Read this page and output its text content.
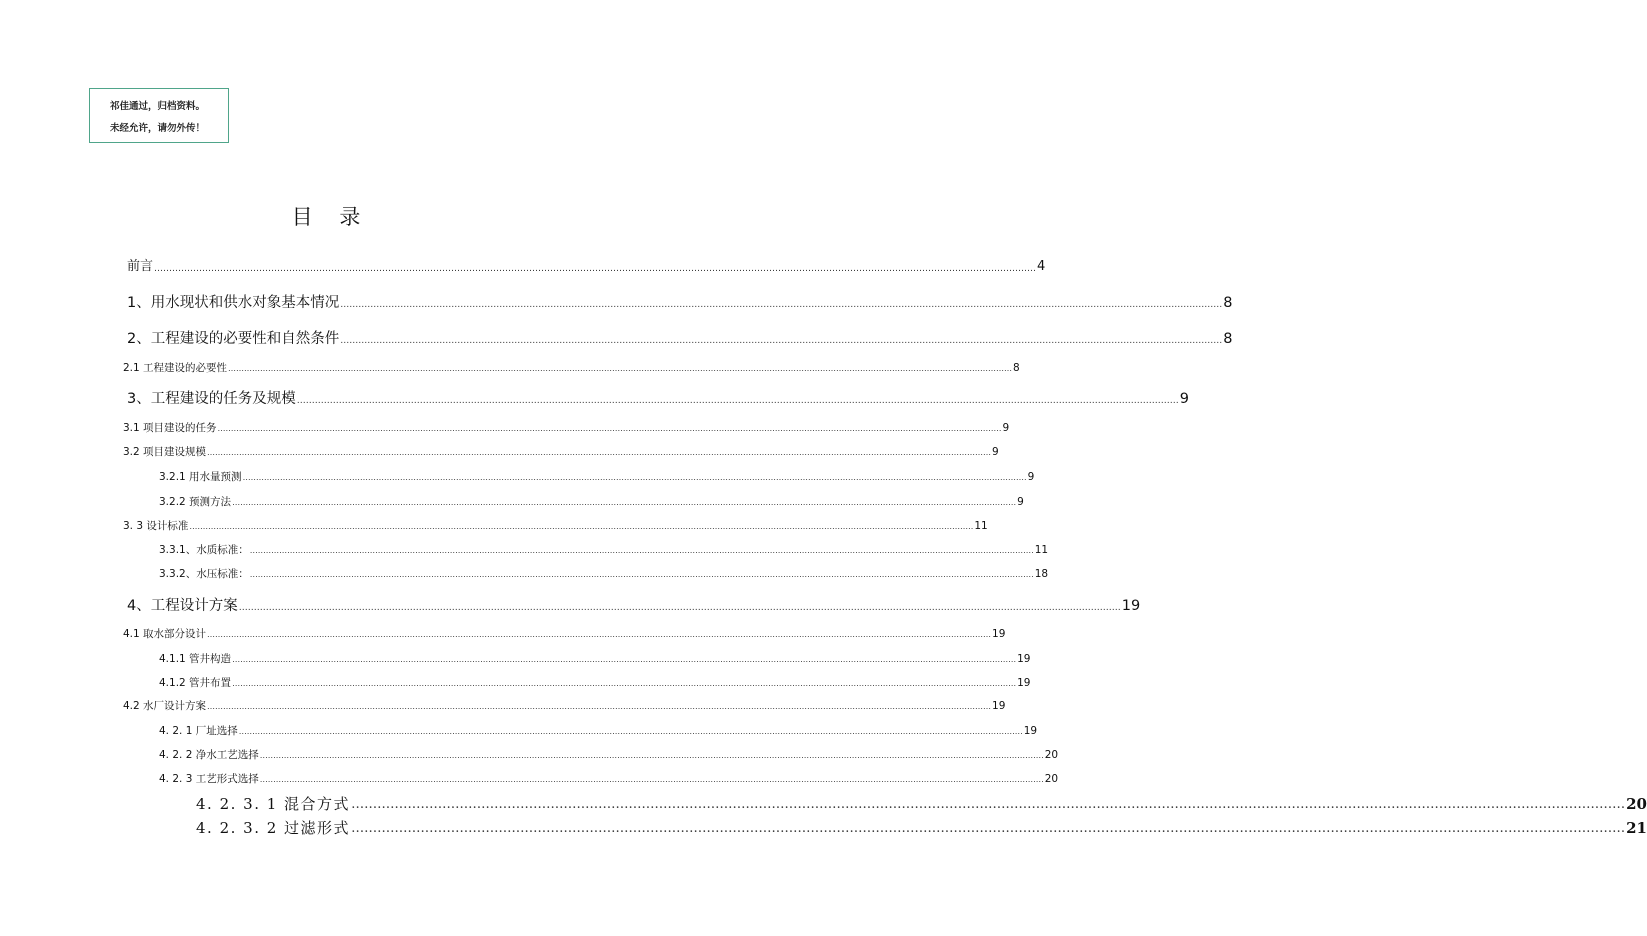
祁佳通过，归档资料。
未经允许，请勿外传！
目 录
前言 …………………………………………………………………………………………………………………………………………………………………………………………………………………………………………………………………… 4
1、用水现状和供水对象基本情况 …………………………………………………………………………………………………………………………………………………………………………………………………………………………………………………………………… 8
2、工程建设的必要性和自然条件 …………………………………………………………………………………………………………………………………………………………………………………………………………………………………………………………………… 8
2.1 工程建设的必要性 …………………………………………………………………………………………………………………………………………………………………………………………………………………………………………………………………… 8
3、工程建设的任务及规模 …………………………………………………………………………………………………………………………………………………………………………………………………………………………………………………………………… 9
3.1 项目建设的任务 …………………………………………………………………………………………………………………………………………………………………………………………………………………………………………………………………… 9
3.2 项目建设规模 …………………………………………………………………………………………………………………………………………………………………………………………………………………………………………………………………… 9
3.2.1 用水量预测 …………………………………………………………………………………………………………………………………………………………………………………………………………………………………………………………………… 9
3.2.2 预测方法 …………………………………………………………………………………………………………………………………………………………………………………………………………………………………………………………………… 9
3. 3 设计标准 …………………………………………………………………………………………………………………………………………………………………………………………………………………………………………………………………… 11
3.3.1、水质标准： …………………………………………………………………………………………………………………………………………………………………………………………………………………………………………………………………… 11
3.3.2、水压标准： …………………………………………………………………………………………………………………………………………………………………………………………………………………………………………………………………… 18
4、工程设计方案 …………………………………………………………………………………………………………………………………………………………………………………………………………………………………………………………………… 19
4.1 取水部分设计 …………………………………………………………………………………………………………………………………………………………………………………………………………………………………………………………………… 19
4.1.1 管井构造 …………………………………………………………………………………………………………………………………………………………………………………………………………………………………………………………………… 19
4.1.2 管井布置 …………………………………………………………………………………………………………………………………………………………………………………………………………………………………………………………………… 19
4.2 水厂设计方案 …………………………………………………………………………………………………………………………………………………………………………………………………………………………………………………………………… 19
4. 2. 1 厂址选择 …………………………………………………………………………………………………………………………………………………………………………………………………………………………………………………………………… 19
4. 2. 2 净水工艺选择 …………………………………………………………………………………………………………………………………………………………………………………………………………………………………………………………………… 20
4. 2. 3 工艺形式选择 …………………………………………………………………………………………………………………………………………………………………………………………………………………………………………………………………… 20
4. 2. 3. 1 混合方式 …………………………………………………………………………………………………………………………………………………………………………………………………………………………………………………………………… 20
4. 2. 3. 2 过滤形式 …………………………………………………………………………………………………………………………………………………………………………………………………………………………………………………………………… 21
